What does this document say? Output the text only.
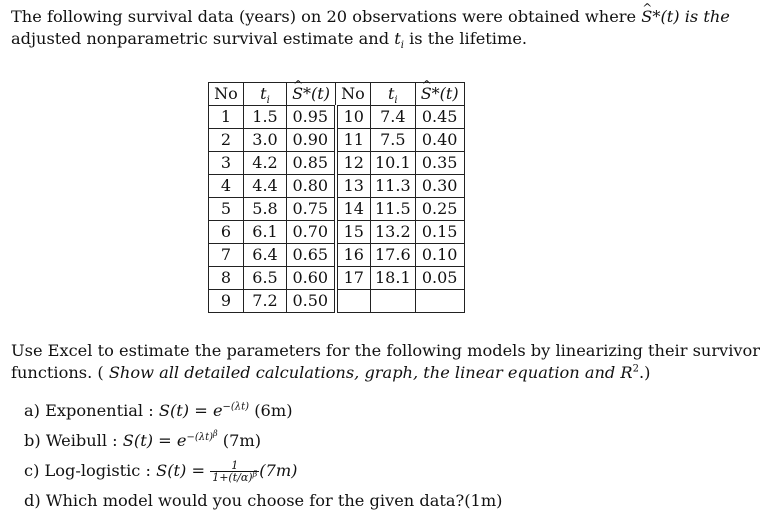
The following survival data (years) on 20 observations were obtained where ^ S*(t) is the
adjusted nonparametric survival estimate and $t_i$ is the lifetime.
No	$t_i$	^ S*(t)	No	$t_i$	^ S*(t)
1	1.5	0.95	10	7.4	0.45
2	3.0	0.90	11	7.5	0.40
3	4.2	0.85	12	10.1	0.35
4	4.4	0.80	13	11.3	0.30
5	5.8	0.75	14	11.5	0.25
6	6.1	0.70	15	13.2	0.15
7	6.4	0.65	16	17.6	0.10
8	6.5	0.60	17	18.1	0.05
9	7.2	0.50			
Use Excel to estimate the parameters for the following models by linearizing their survivor
functions. ( Show all detailed calculations, graph, the linear equation and $R^2$.)
a) Exponential : $S(t) = e^{-(\lambda t)}$ (6m)
b) Weibull : $S(t) = e^{-(\lambda t)^\beta}$ (7m)
c) Log-logistic : $S(t) = \frac{1}{1+(t/\alpha)^\beta} (7m)$
d) Which model would you choose for the given data?(1m)
